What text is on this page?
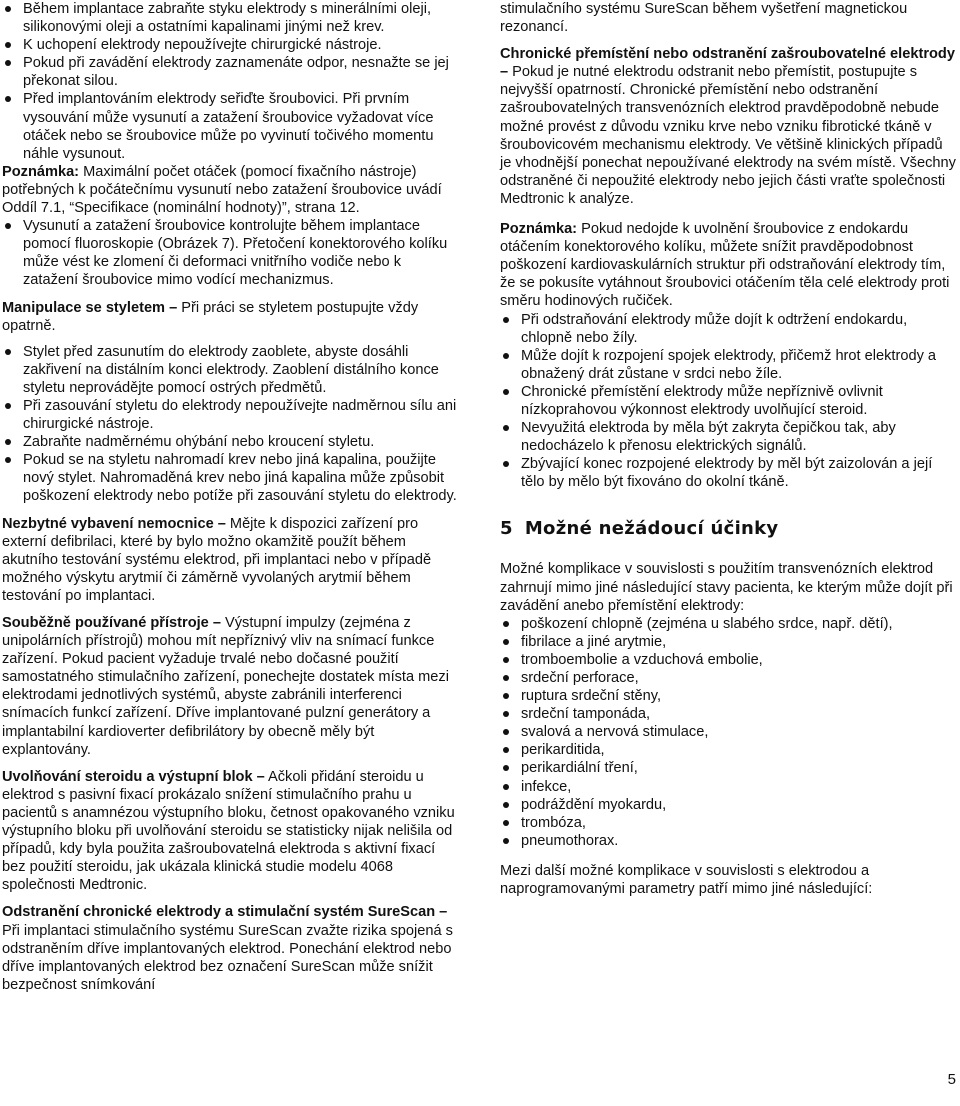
Během implantace zabraňte styku elektrody s minerálními oleji, silikonovými oleji a ostatními kapalinami jinými než krev.
K uchopení elektrody nepoužívejte chirurgické nástroje.
Pokud při zavádění elektrody zaznamenáte odpor, nesnažte se jej překonat silou.
Před implantováním elektrody seřiďte šroubovici. Při prvním vysouvání může vysunutí a zatažení šroubovice vyžadovat více otáček nebo se šroubovice může po vyvinutí točivého momentu náhle vysunout.

Poznámka: Maximální počet otáček (pomocí fixačního nástroje) potřebných k počátečnímu vysunutí nebo zatažení šroubovice uvádí Oddíl 7.1, “Specifikace (nominální hodnoty)”, strana 12.

Vysunutí a zatažení šroubovice kontrolujte během implantace pomocí fluoroskopie (Obrázek 7). Přetočení konektorového kolíku může vést ke zlomení či deformaci vnitřního vodiče nebo k zatažení šroubovice mimo vodící mechanizmus.

Manipulace se styletem – Při práci se styletem postupujte vždy opatrně.

Stylet před zasunutím do elektrody zaoblete, abyste dosáhli zakřivení na distálním konci elektrody. Zaoblení distálního konce styletu neprovádějte pomocí ostrých předmětů.
Při zasouvání styletu do elektrody nepoužívejte nadměrnou sílu ani chirurgické nástroje.
Zabraňte nadměrnému ohýbání nebo kroucení styletu.
Pokud se na styletu nahromadí krev nebo jiná kapalina, použijte nový stylet. Nahromaděná krev nebo jiná kapalina může způsobit poškození elektrody nebo potíže při zasouvání styletu do elektrody.

Nezbytné vybavení nemocnice – Mějte k dispozici zařízení pro externí defibrilaci, které by bylo možno okamžitě použít během akutního testování systému elektrod, při implantaci nebo v případě možného výskytu arytmií či záměrně vyvolaných arytmií během testování po implantaci.

Souběžně používané přístroje – Výstupní impulzy (zejména z unipolárních přístrojů) mohou mít nepříznivý vliv na snímací funkce zařízení. Pokud pacient vyžaduje trvalé nebo dočasné použití samostatného stimulačního zařízení, ponechejte dostatek místa mezi elektrodami jednotlivých systémů, abyste zabránili interferenci snímacích funkcí zařízení. Dříve implantované pulzní generátory a implantabilní kardioverter defibrilátory by obecně měly být explantovány.

Uvolňování steroidu a výstupní blok – Ačkoli přidání steroidu u elektrod s pasivní fixací prokázalo snížení stimulačního prahu u pacientů s anamnézou výstupního bloku, četnost opakovaného vzniku výstupního bloku při uvolňování steroidu se statisticky nijak nelišila od případů, kdy byla použita zašroubovatelná elektroda s aktivní fixací bez použití steroidu, jak ukázala klinická studie modelu 4068 společnosti Medtronic.

Odstranění chronické elektrody a stimulační systém SureScan – Při implantaci stimulačního systému SureScan zvažte rizika spojená s odstraněním dříve implantovaných elektrod. Ponechání elektrod nebo dříve implantovaných elektrod bez označení SureScan může snížit bezpečnost snímkování

stimulačního systému SureScan během vyšetření magnetickou rezonancí.

Chronické přemístění nebo odstranění zašroubovatelné elektrody – Pokud je nutné elektrodu odstranit nebo přemístit, postupujte s nejvyšší opatrností. Chronické přemístění nebo odstranění zašroubovatelných transvenózních elektrod pravděpodobně nebude možné provést z důvodu vzniku krve nebo vzniku fibrotické tkáně v šroubovicovém mechanismu elektrody. Ve většině klinických případů je vhodnější ponechat nepoužívané elektrody na svém místě. Všechny odstraněné či nepoužité elektrody nebo jejich části vraťte společnosti Medtronic k analýze.

Poznámka: Pokud nedojde k uvolnění šroubovice z endokardu otáčením konektorového kolíku, můžete snížit pravděpodobnost poškození kardiovaskulárních struktur při odstraňování elektrody tím, že se pokusíte vytáhnout šroubovici otáčením těla celé elektrody proti směru hodinových ručiček.

Při odstraňování elektrody může dojít k odtržení endokardu, chlopně nebo žíly.
Může dojít k rozpojení spojek elektrody, přičemž hrot elektrody a obnažený drát zůstane v srdci nebo žíle.
Chronické přemístění elektrody může nepříznivě ovlivnit nízkoprahovou výkonnost elektrody uvolňující steroid.
Nevyužitá elektroda by měla být zakryta čepičkou tak, aby nedocházelo k přenosu elektrických signálů.
Zbývající konec rozpojené elektrody by měl být zaizolován a její tělo by mělo být fixováno do okolní tkáně.
5 Možné nežádoucí účinky

Možné komplikace v souvislosti s použitím transvenózních elektrod zahrnují mimo jiné následující stavy pacienta, ke kterým může dojít při zavádění anebo přemístění elektrody:

poškození chlopně (zejména u slabého srdce, např. dětí),
fibrilace a jiné arytmie,
tromboembolie a vzduchová embolie,
srdeční perforace,
ruptura srdeční stěny,
srdeční tamponáda,
svalová a nervová stimulace,
perikarditida,
perikardiální tření,
infekce,
podráždění myokardu,
trombóza,
pneumothorax.

Mezi další možné komplikace v souvislosti s elektrodou a naprogramovanými parametry patří mimo jiné následující:

5
